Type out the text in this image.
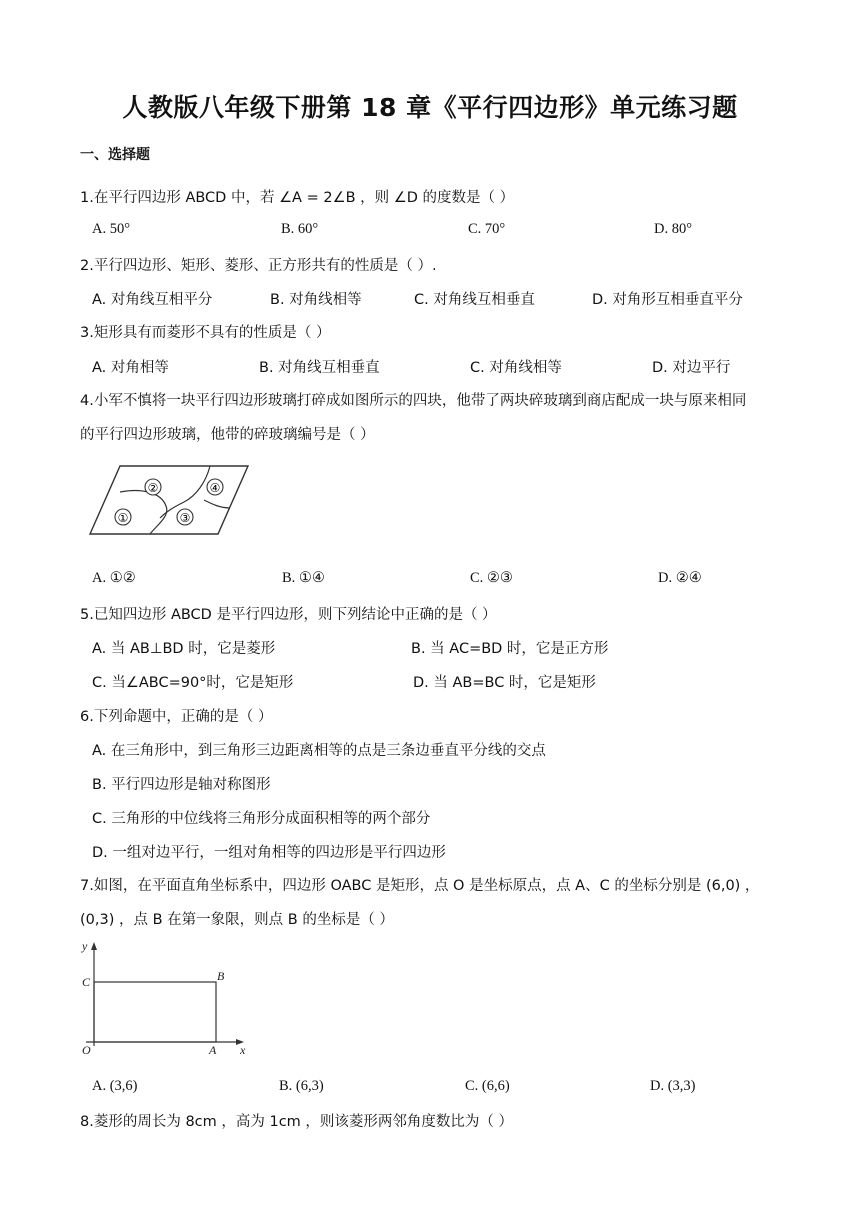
人教版八年级下册第 18 章《平行四边形》单元练习题
一、选择题
1.在平行四边形 ABCD 中，若 ∠A = 2∠B ，则 ∠D 的度数是（ ）
A. 50°	B. 60°	C. 70°	D. 80°
2.平行四边形、矩形、菱形、正方形共有的性质是（ ）.
A. 对角线互相平分	B. 对角线相等	C. 对角线互相垂直	D. 对角形互相垂直平分
3.矩形具有而菱形不具有的性质是（ ）
A. 对角相等	B. 对角线互相垂直	C. 对角线相等	D. 对边平行
4.小军不慎将一块平行四边形玻璃打碎成如图所示的四块，他带了两块碎玻璃到商店配成一块与原来相同
的平行四边形玻璃，他带的碎玻璃编号是（ ）
②	④
①	③
A. ①②	B. ①④	C. ②③	D. ②④
5.已知四边形 ABCD 是平行四边形，则下列结论中正确的是（ ）
A. 当 AB⊥BD 时，它是菱形	B. 当 AC=BD 时，它是正方形
C. 当∠ABC=90°时，它是矩形	D. 当 AB=BC 时，它是矩形
6.下列命题中，正确的是（ ）
A. 在三角形中，到三角形三边距离相等的点是三条边垂直平分线的交点
B. 平行四边形是轴对称图形
C. 三角形的中位线将三角形分成面积相等的两个部分
D. 一组对边平行，一组对角相等的四边形是平行四边形
7.如图，在平面直角坐标系中，四边形 OABC 是矩形，点 O 是坐标原点，点 A、C 的坐标分别是 (6,0) ，
(0,3) ，点 B 在第一象限，则点 B 的坐标是（ ）
y
x
C	B
O	A
A. (3,6)	B. (6,3)	C. (6,6)	D. (3,3)
8.菱形的周长为 8cm ，高为 1cm ，则该菱形两邻角度数比为（ ）
